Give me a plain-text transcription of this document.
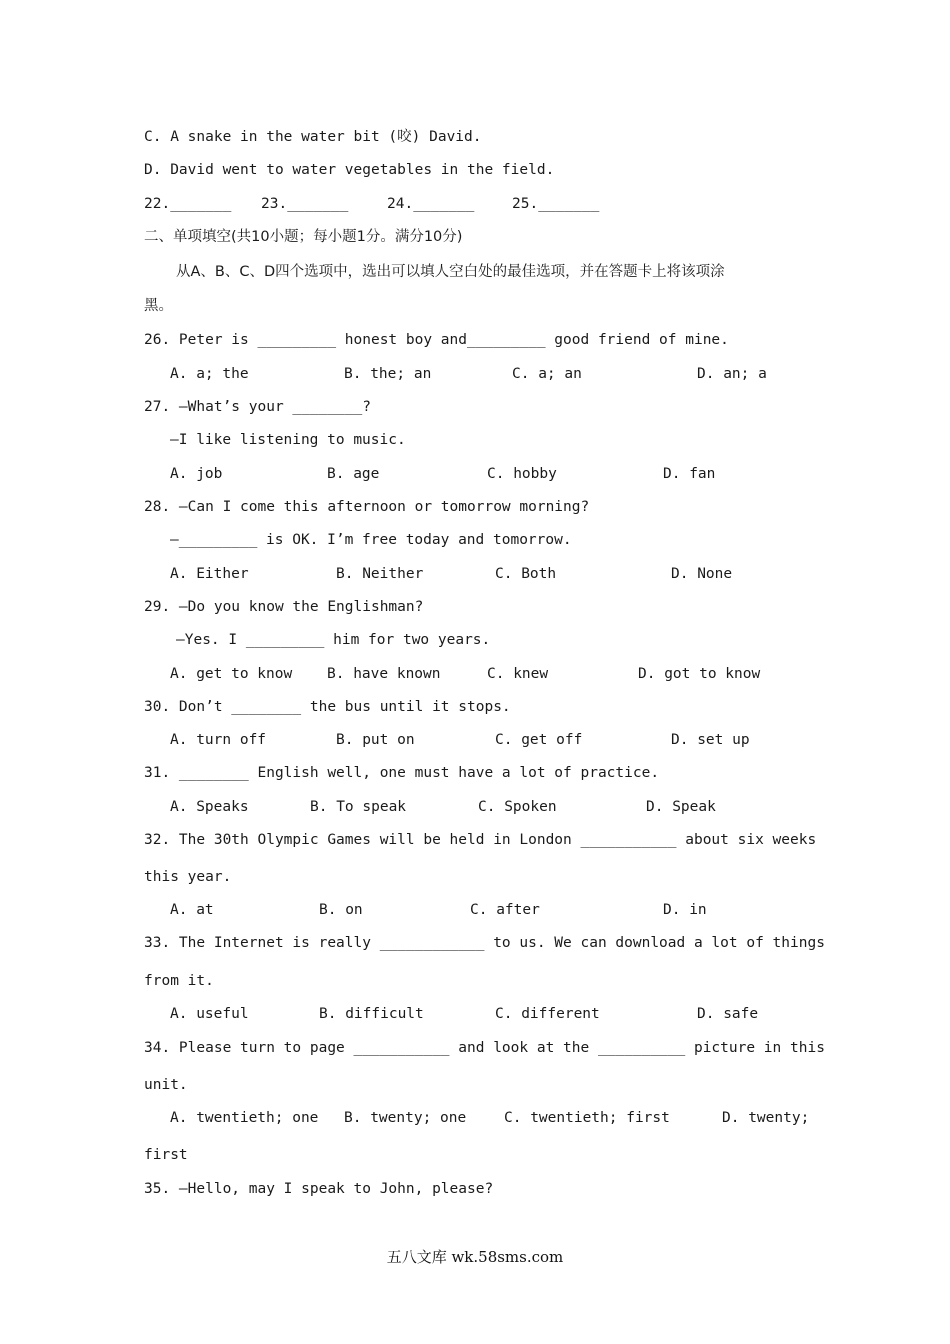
C. A snake in the water bit (咬) David.
D. David went to water vegetables in the field.
22._______ 23._______	24._______	25._______
二、单项填空(共10小题；每小题1分。满分10分)
从A、B、C、D四个选项中，选出可以填人空白处的最佳选项，并在答题卡上将该项涂
黑。
26. Peter is _________ honest boy and_________ good friend of mine.
A. a; the	B. the; an	C. a; an	D. an; a
27. —What’s your ________?
—I like listening to music.
A. job	B. age	C. hobby	D. fan
28. —Can I come this afternoon or tomorrow morning?
—_________ is OK. I’m free today and tomorrow.
A. Either	B. Neither	C. Both	D. None
29. —Do you know the Englishman?
—Yes. I _________ him for two years.
A. get to know B. have known	C. knew	D. got to know
30. Don’t ________ the bus until it stops.
A. turn off	B. put on	C. get off	D. set up
31. ________ English well, one must have a lot of practice.
A. Speaks	B. To speak	C. Spoken	D. Speak
32. The 30th Olympic Games will be held in London ___________ about six weeks
this year.
A. at	B. on	C. after	D. in
33. The Internet is really ____________ to us. We can download a lot of things
from it.
A. useful	B. difficult	C. different	D. safe
34. Please turn to page ___________ and look at the __________ picture in this
unit.
A. twentieth; one B. twenty; one	C. twentieth; first	D. twenty;
first
35. —Hello, may I speak to John, please?
五八文库 wk.58sms.com
